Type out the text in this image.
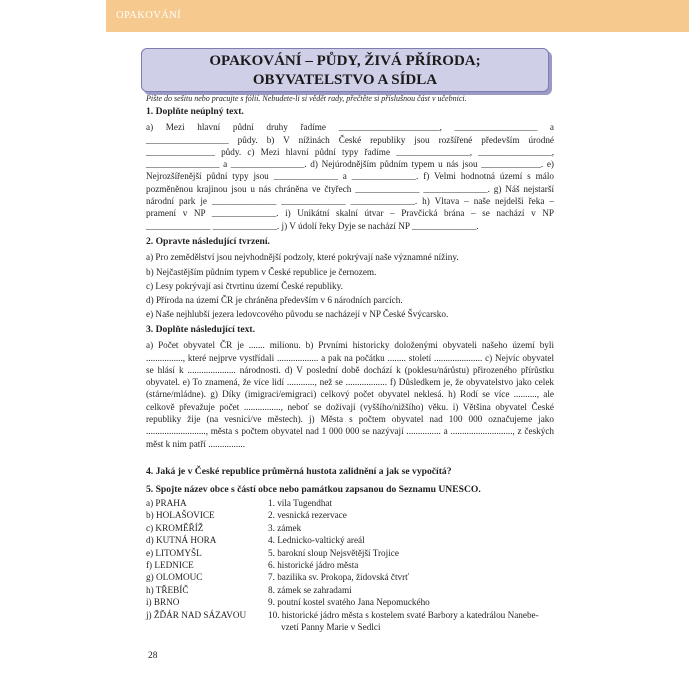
OPAKOVÁNÍ
OPAKOVÁNÍ – PŮDY, ŽIVÁ PŘÍRODA;
OBYVATELSTVO A SÍDLA
Pište do sešitu nebo pracujte s fólií. Nebudete-li si vědět rady, přečtěte si příslušnou část v učebnici.
1. Doplňte neúplný text.

a) Mezi hlavní půdní druhy řadíme ______________________, __________________ a __________________ půdy. b) V nížinách České republiky jsou rozšířené především úrodné _______________ půdy. c) Mezi hlavní půdní typy řadíme ________________, ________________, ________________ a ________________. d) Nejúrodnějším půdním typem u nás jsou _____________. e) Nejrozšířenější půdní typy jsou ______________ a ______________. f) Velmi hodnotná území s málo pozměněnou krajinou jsou u nás chráněna ve čtyřech ______________ ______________. g) Náš nejstarší národní park je ______________ ______________ ______________. h) Vltava – naše nejdelší řeka – pramení v NP ______________. i) Unikátní skalní útvar – Pravčická brána – se nachází v NP ______________ ______________. j) V údolí řeky Dyje se nachází NP ______________.

2. Opravte následující tvrzení.

a) Pro zemědělství jsou nejvhodnější podzoly, které pokrývají naše významné nížiny.

b) Nejčastějším půdním typem v České republice je černozem.

c) Lesy pokrývají asi čtvrtinu území České republiky.

d) Příroda na území ČR je chráněna především v 6 národních parcích.

e) Naše nejhlubší jezera ledovcového původu se nacházejí v NP České Švýcarsko.

3. Doplňte následující text.

a) Počet obyvatel ČR je ....... milionu. b) Prvními historicky doloženými obyvateli našeho území byli ................, které nejprve vystřídali .................. a pak na počátku ........ století ..................... c) Nejvíc obyvatel se hlásí k ..................... národnosti. d) V poslední době dochází k (poklesu/nárůstu) přirozeného přírůstku obyvatel. e) To znamená, že více lidí ............, než se .................. f) Důsledkem je, že obyvatelstvo jako celek (stárne/mládne). g) Díky (imigraci/emigraci) celkový počet obyvatel neklesá. h) Rodí se více .........., ale celkově převažuje počet ................, neboť se dožívají (vyššího/nižšího) věku. i) Většina obyvatel České republiky žije (na vesnici/ve městech). j) Města s počtem obyvatel nad 100 000 označujeme jako .........................., města s počtem obyvatel nad 1 000 000 se nazývají ............... a ..........................., z českých měst k nim patří ................

4. Jaká je v České republice průměrná hustota zalidnění a jak se vypočítá?
5. Spojte název obce s částí obce nebo památkou zapsanou do Seznamu UNESCO.
a) PRAHA
b) HOLAŠOVICE
c) KROMĚŘÍŽ
d) KUTNÁ HORA
e) LITOMYŠL
f) LEDNICE
g) OLOMOUC
h) TŘEBÍČ
i) BRNO
j) ŽĎÁR NAD SÁZAVOU
1. vila Tugendhat
2. vesnická rezervace
3. zámek
4. Lednicko-valtický areál
5. barokní sloup Nejsvětější Trojice
6. historické jádro města
7. bazilika sv. Prokopa, židovská čtvrť
8. zámek se zahradami
9. poutní kostel svatého Jana Nepomuckého
10. historické jádro města s kostelem svaté Barbory a katedrálou Nanebe-
vzetí Panny Marie v Sedlci
28
